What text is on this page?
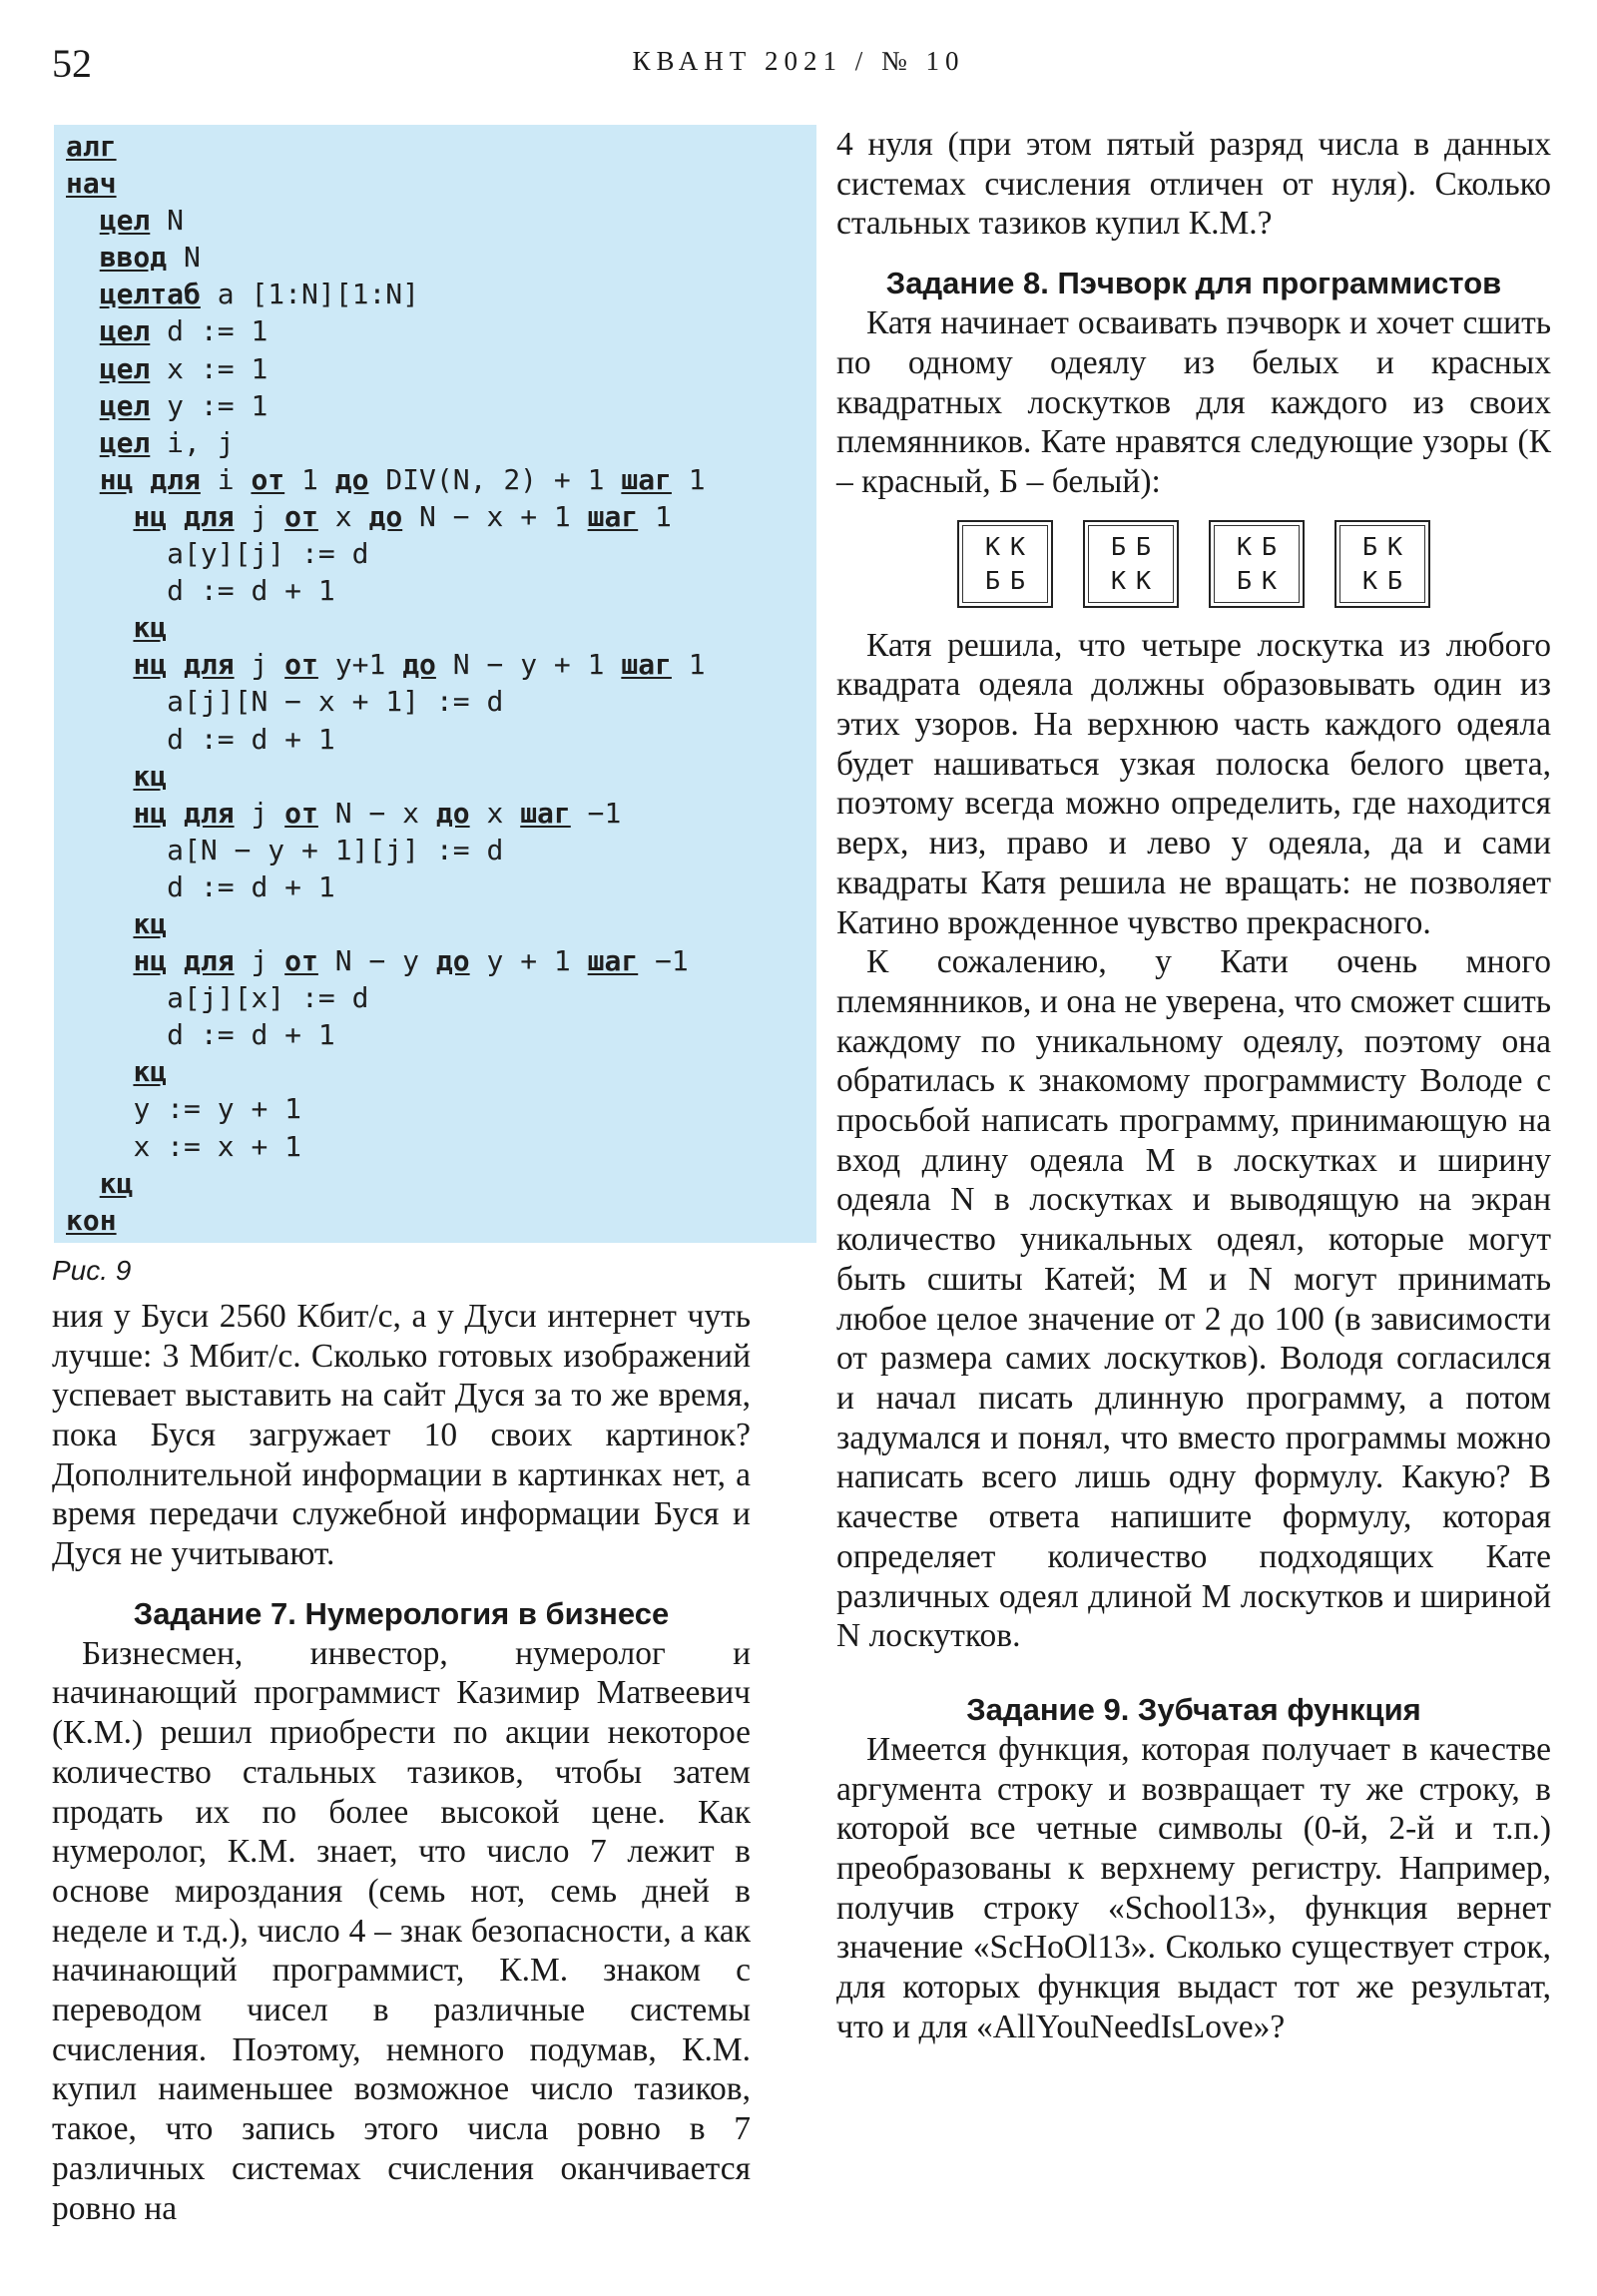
52	КВАНТ 2021 / № 10
алг
нач
цел N
ввод N
целтаб a [1:N][1:N]
цел d := 1
цел x := 1
цел y := 1
цел i, j
нц для i от 1 до DIV(N, 2) + 1 шаг 1
нц для j от x до N − x + 1 шаг 1
a[y][j] := d
d := d + 1
кц
нц для j от y+1 до N − y + 1 шаг 1
a[j][N − x + 1] := d
d := d + 1
кц
нц для j от N − x до x шаг −1
a[N − y + 1][j] := d
d := d + 1
кц
нц для j от N − y до y + 1 шаг −1
a[j][x] := d
d := d + 1
кц
y := y + 1
x := x + 1
кц
кон
Рис. 9

ния у Буси 2560 Кбит/с, а у Дуси интернет чуть лучше: 3 Мбит/с. Сколько готовых изображений успевает выставить на сайт Дуся за то же время, пока Буся загружает 10 своих картинок? Дополнительной информации в картинках нет, а время передачи служебной информации Буся и Дуся не учитывают.

Задание 7. Нумерология в бизнесе

Бизнесмен, инвестор, нумеролог и начинающий программист Казимир Матвеевич (К.М.) решил приобрести по акции некоторое количество стальных тазиков, чтобы затем продать их по более высокой цене. Как нумеролог, К.М. знает, что число 7 лежит в основе мироздания (семь нот, семь дней в неделе и т.д.), число 4 – знак безопасности, а как начинающий программист, К.М. знаком с переводом чисел в различные системы счисления. Поэтому, немного подумав, К.М. купил наименьшее возможное число тазиков, такое, что запись этого числа ровно в 7 различных системах счисления оканчивается ровно на

4 нуля (при этом пятый разряд числа в данных системах счисления отличен от нуля). Сколько стальных тазиков купил К.М.?

Задание 8. Пэчворк для программистов

Катя начинает осваивать пэчворк и хочет сшить по одному одеялу из белых и красных квадратных лоскутков для каждого из своих племянников. Кате нравятся следующие узоры (К – красный, Б – белый):

КК
ББ
ББ
КК
КБ
БК
БК
КБ

Катя решила, что четыре лоскутка из любого квадрата одеяла должны образовывать один из этих узоров. На верхнюю часть каждого одеяла будет нашиваться узкая полоска белого цвета, поэтому всегда можно определить, где находится верх, низ, право и лево у одеяла, да и сами квадраты Катя решила не вращать: не позволяет Катино врожденное чувство прекрасного.

К сожалению, у Кати очень много племянников, и она не уверена, что сможет сшить каждому по уникальному одеялу, поэтому она обратилась к знакомому программисту Володе с просьбой написать программу, принимающую на вход длину одеяла M в лоскутках и ширину одеяла N в лоскутках и выводящую на экран количество уникальных одеял, которые могут быть сшиты Катей; M и N могут принимать любое целое значение от 2 до 100 (в зависимости от размера самих лоскутков). Володя согласился и начал писать длинную программу, а потом задумался и понял, что вместо программы можно написать всего лишь одну формулу. Какую? В качестве ответа напишите формулу, которая определяет количество подходящих Кате различных одеял длиной M лоскутков и шириной N лоскутков.

Задание 9. Зубчатая функция

Имеется функция, которая получает в качестве аргумента строку и возвращает ту же строку, в которой все четные символы (0-й, 2-й и т.п.) преобразованы к верхнему регистру. Например, получив строку «School13», функция вернет значение «ScHoOl13». Сколько существует строк, для которых функция выдаст тот же результат, что и для «AllYouNeedIsLove»?
